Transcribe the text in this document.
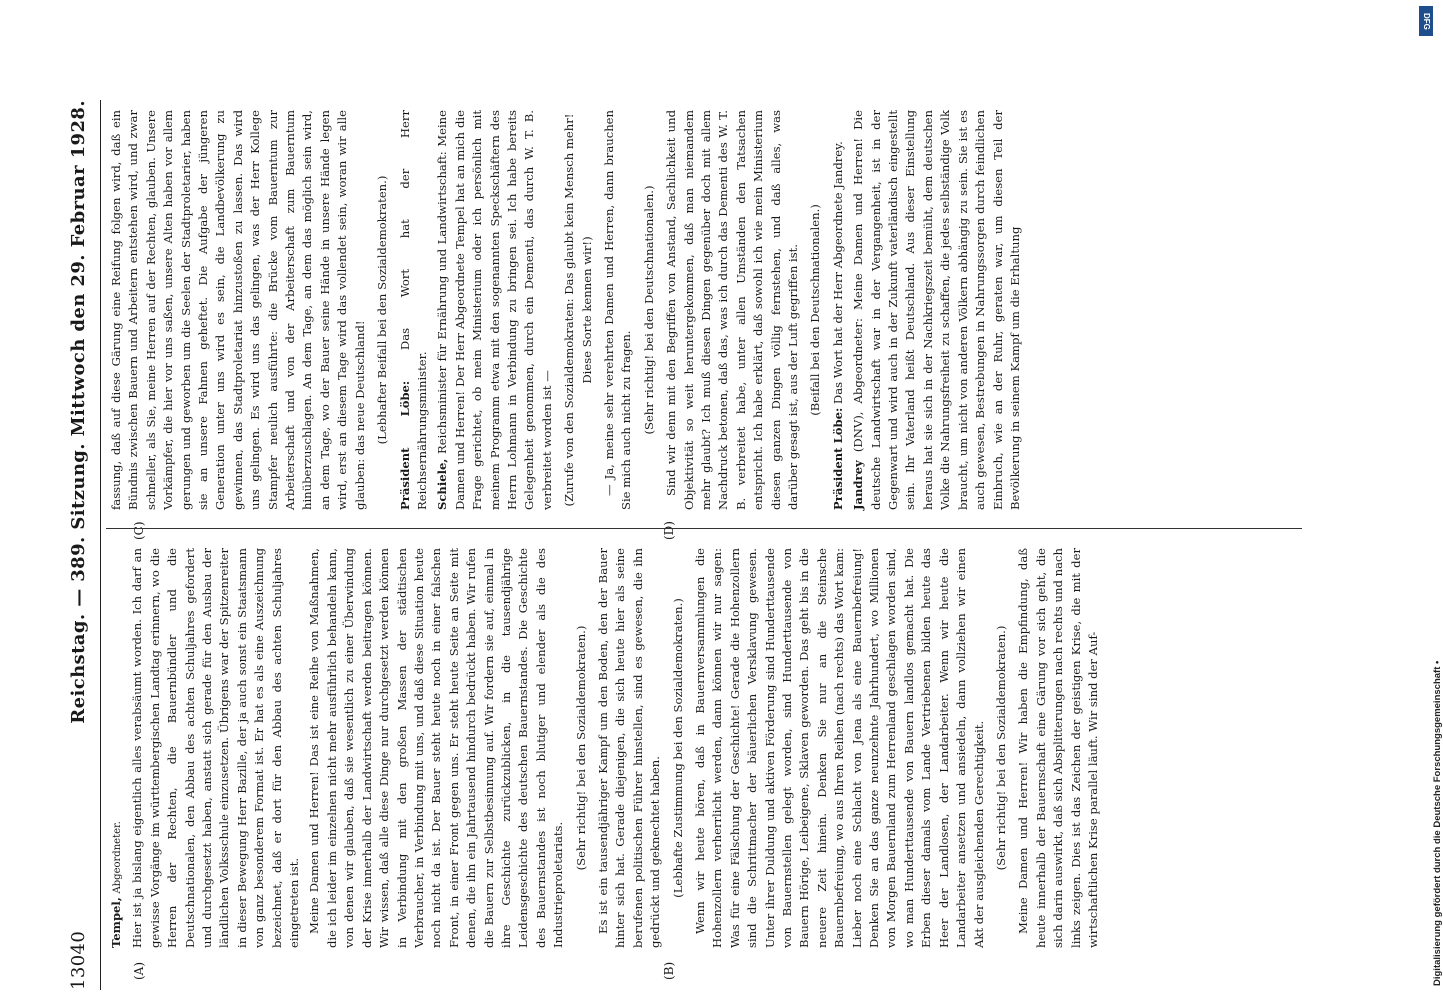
13040
Reichstag. — 389. Sitzung. Mittwoch den 29. Februar 1928.
(A)	(B)
(C)	(D)

Tempel, Abgeordneter. Hier ist ja bislang eigentlich alles verabsäumt worden. Ich darf an gewisse Vorgänge im württembergischen Landtag erinnern, wo die Herren der Rechten, die Bauernbündler und die Deutschnationalen, den Abbau des achten Schuljahres gefordert und durchgesetzt haben, anstatt sich gerade für den Ausbau der ländlichen Volksschule einzusetzen. Übrigens war der Spitzenreiter in dieser Bewegung Herr Bazille, der ja auch sonst ein Staatsmann von ganz besonderem Format ist. Er hat es als eine Auszeichnung bezeichnet, daß er dort für den Abbau des achten Schuljahres eingetreten ist. Meine Damen und Herren! Das ist eine Reihe von Maßnahmen, die ich leider im einzelnen nicht mehr ausführlich behandeln kann, von denen wir glauben, daß sie wesentlich zu einer Überwindung der Krise innerhalb der Landwirtschaft werden beitragen können. Wir wissen, daß alle diese Dinge nur durchgesetzt werden können in Verbindung mit den großen Massen der städtischen Verbraucher, in Verbindung mit uns, und daß diese Situation heute noch nicht da ist. Der Bauer steht heute noch in einer falschen Front, in einer Front gegen uns. Er steht heute Seite an Seite mit denen, die ihn ein Jahrtausend hindurch bedrückt haben. Wir rufen die Bauern zur Selbstbesinnung auf. Wir fordern sie auf, einmal in ihre Geschichte zurückzublicken, in die tausendjährige Leidensgeschichte des deutschen Bauernstandes. Die Geschichte des Bauernstandes ist noch blutiger und elender als die des Industrieproletariats.

(Sehr richtig! bei den Sozialdemokraten.) Es ist ein tausendjähriger Kampf um den Boden, den der Bauer hinter sich hat. Gerade diejenigen, die sich heute hier als seine berufenen politischen Führer hinstellen, sind es gewesen, die ihn gedrückt und geknechtet haben. (Lebhafte Zustimmung bei den Sozialdemokraten.) Wenn wir heute hören, daß in Bauernversammlungen die Hohenzollern verherrlicht werden, dann können wir nur sagen: Was für eine Fälschung der Geschichte! Gerade die Hohenzollern sind die Schrittmacher der bäuerlichen Versklavung gewesen. Unter ihrer Duldung und aktiven Förderung sind Hunderttausende von Bauernstellen gelegt worden, sind Hunderttausende von Bauern Hörige, Leibeigene, Sklaven geworden. Das geht bis in die neuere Zeit hinein. Denken Sie nur an die Steinsche Bauernbefreiung, wo aus Ihren Reihen (nach rechts) das Wort kam: Lieber noch eine Schlacht von Jena als eine Bauernbefreiung! Denken Sie an das ganze neunzehnte Jahrhundert, wo Millionen von Morgen Bauernland zum Herrenland geschlagen worden sind, wo man Hunderttausende von Bauern landlos gemacht hat. Die Erben dieser damals vom Lande Vertriebenen bilden heute das Heer der Landlosen, der Landarbeiter. Wenn wir heute die Landarbeiter ansetzen und ansiedeln, dann vollziehen wir einen Akt der ausgleichenden Gerechtigkeit. (Sehr richtig! bei den Sozialdemokraten.) Meine Damen und Herren! Wir haben die Empfindung, daß heute innerhalb der Bauernschaft eine Gärung vor sich geht, die sich darin auswirkt, daß sich Absplitterungen nach rechts und nach links zeigen. Dies ist das Zeichen der geistigen Krise, die mit der wirtschaftlichen Krise parallel läuft. Wir sind der Auf-

fassung, daß auf diese Gärung eine Reifung folgen wird, daß ein Bündnis zwischen Bauern und Arbeitern entstehen wird, und zwar schneller, als Sie, meine Herren auf der Rechten, glauben. Unsere Vorkämpfer, die hier vor uns saßen, unsere Alten haben vor allem gerungen und geworben um die Seelen der Stadtproletarier, haben sie an unsere Fahnen geheftet. Die Aufgabe der jüngeren Generation unter uns wird es sein, die Landbevölkerung zu gewinnen, das Stadtproletariat hinzustoßen zu lassen. Das wird uns gelingen. Es wird uns das gelingen, was der Herr Kollege Stampfer neulich ausführte: die Brücke vom Bauerntum zur Arbeiterschaft und von der Arbeiterschaft zum Bauerntum hinüberzuschlagen. An dem Tage, an dem das möglich sein wird, an dem Tage, wo der Bauer seine Hände in unsere Hände legen wird, erst an diesem Tage wird das vollendet sein, woran wir alle glauben: das neue Deutschland! (Lebhafter Beifall bei den Sozialdemokraten.)

Präsident Löbe: Das Wort hat der Herr Reichsernährungsminister. Schiele, Reichsminister für Ernährung und Landwirtschaft: Meine Damen und Herren! Der Herr Abgeordnete Tempel hat an mich die Frage gerichtet, ob mein Ministerium oder ich persönlich mit meinem Programm etwa mit den sogenannten Speckschäftern des Herrn Lohmann in Verbindung zu bringen sei. Ich habe bereits Gelegenheit genommen, durch ein Dementi, das durch W. T. B. verbreitet worden ist — (Zurufe von den Sozialdemokraten: Das glaubt kein Mensch mehr! Diese Sorte kennen wir!) — Ja, meine sehr verehrten Damen und Herren, dann brauchen Sie mich auch nicht zu fragen. (Sehr richtig! bei den Deutschnationalen.) Sind wir denn mit den Begriffen von Anstand, Sachlichkeit und Objektivität so weit heruntergekommen, daß man niemandem mehr glaubt? Ich muß diesen Dingen gegenüber doch mit allem Nachdruck betonen, daß das, was ich durch das Dementi des W. T. B. verbreitet habe, unter allen Umständen den Tatsachen entspricht. Ich habe erklärt, daß sowohl ich wie mein Ministerium diesen ganzen Dingen völlig fernstehen, und daß alles, was darüber gesagt ist, aus der Luft gegriffen ist. (Beifall bei den Deutschnationalen.)

Präsident Löbe: Das Wort hat der Herr Abgeordnete Jandrey.

Jandrey (DNV), Abgeordneter: Meine Damen und Herren! Die deutsche Landwirtschaft war in der Vergangenheit, ist in der Gegenwart und wird auch in der Zukunft vaterländisch eingestellt sein. Ihr Vaterland heißt Deutschland. Aus dieser Einstellung heraus hat sie sich in der Nachkriegszeit bemüht, dem deutschen Volke die Nahrungsfreiheit zu schaffen, die jedes selbständige Volk braucht, um nicht von anderen Völkern abhängig zu sein. Sie ist es auch gewesen, Bestrebungen in Nahrungssorgen durch feindlichen Einbruch, wie an der Ruhr, geraten war, um diesen Teil der Bevölkerung in seinem Kampf um die Erhaltung

Digitalisierung gefördert durch die Deutsche Forschungsgemeinschaft •
DFG
